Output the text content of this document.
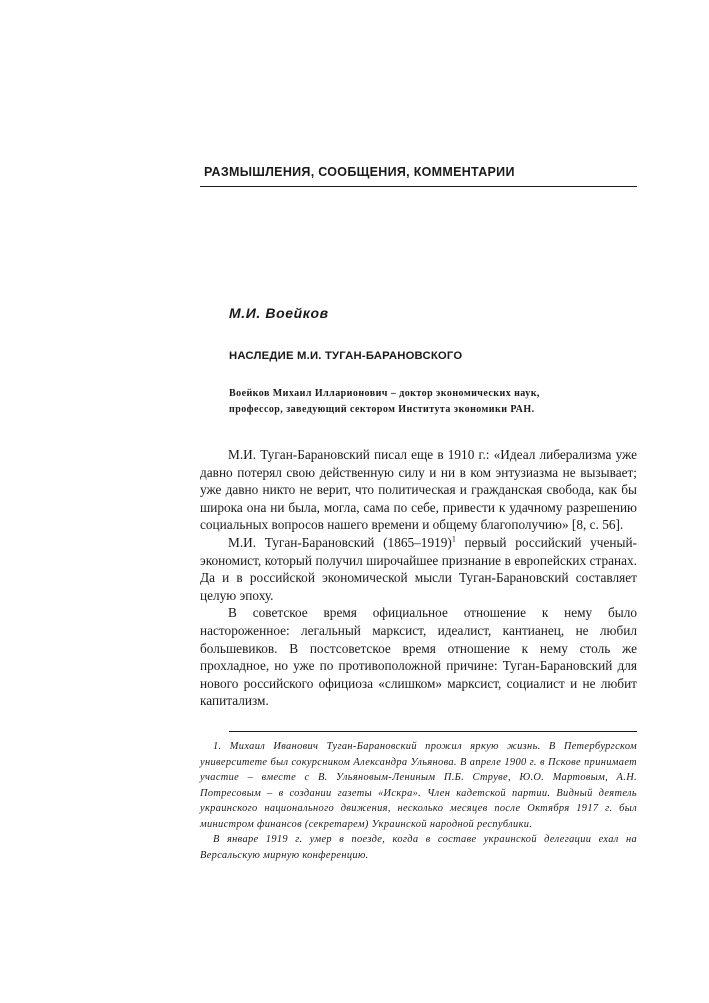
РАЗМЫШЛЕНИЯ, СООБЩЕНИЯ, КОММЕНТАРИИ
М.И. Воейков
НАСЛЕДИЕ М.И. ТУГАН-БАРАНОВСКОГО
Воейков Михаил Илларионович – доктор экономических наук,
профессор, заведующий сектором Института экономики РАН.

М.И. Туган-Барановский писал еще в 1910 г.: «Идеал либерализма уже давно потерял свою действенную силу и ни в ком энтузиазма не вызывает; уже давно никто не верит, что политическая и гражданская свобода, как бы широка она ни была, могла, сама по себе, привести к удачному разрешению социальных вопросов нашего времени и общему благополучию» [8, с. 56].

М.И. Туган-Барановский (1865–1919)$^1$ первый российский ученый-экономист, который получил широчайшее признание в европейских странах. Да и в российской экономической мысли Туган-Барановский составляет целую эпоху.

В советское время официальное отношение к нему было настороженное: легальный марксист, идеалист, кантианец, не любил большевиков. В постсоветское время отношение к нему столь же прохладное, но уже по противоположной причине: Туган-Барановский для нового российского официоза «слишком» марксист, социалист и не любит капитализм.

1. Михаил Иванович Туган-Барановский прожил яркую жизнь. В Петербургском университете был сокурсником Александра Ульянова. В апреле 1900 г. в Пскове принимает участие – вместе с В. Ульяновым-Лениным П.Б. Струве, Ю.О. Мартовым, А.Н. Потресовым – в создании газеты «Искра». Член кадетской партии. Видный деятель украинского национального движения, несколько месяцев после Октября 1917 г. был министром финансов (секретарем) Украинской народной республики.

В январе 1919 г. умер в поезде, когда в составе украинской делегации ехал на Версальскую мирную конференцию.
